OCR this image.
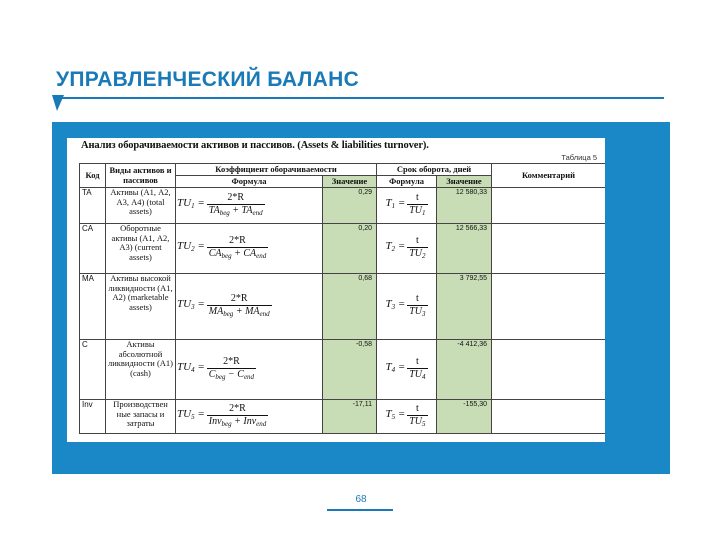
УПРАВЛЕНЧЕСКИЙ БАЛАНС
Анализ оборачиваемости активов и пассивов. (Assets & liabilities turnover).
Таблица 5
Код	Виды активов и пассивов	Коэффициент оборачиваемости		Срок оборота, дней		Комментарий
		Формула	Значение	Формула	Значение	
TA	Активы (А1, А2, А3, А4) (total assets)	$TU_1 = \frac{2*R}{TA_{beg} + TA_{end}}$	0,29	$T_1 = \frac{t}{TU_1}$	12 580,33	
CA	Оборотные активы (А1, А2, А3) (current assets)	$TU_2 = \frac{2*R}{CA_{beg} + CA_{end}}$	0,20	$T_2 = \frac{t}{TU_2}$	12 566,33	
MA	Активы высокой ликвидности (А1, А2) (marketable assets)	$TU_3 = \frac{2*R}{MA_{beg} + MA_{end}}$	0,68	$T_3 = \frac{t}{TU_3}$	3 792,55	
C	Активы абсолютной ликвидности (А1) (cash)	$TU_4 = \frac{2*R}{C_{beg} - C_{end}}$	-0,58	$T_4 = \frac{t}{TU_4}$	-4 412,36	
Inv	Производствен ные запасы и затраты	$TU_5 = \frac{2*R}{Inv_{beg} + Inv_{end}}$	-17,11	$T_5 = \frac{t}{TU_5}$	-155,30	
68
